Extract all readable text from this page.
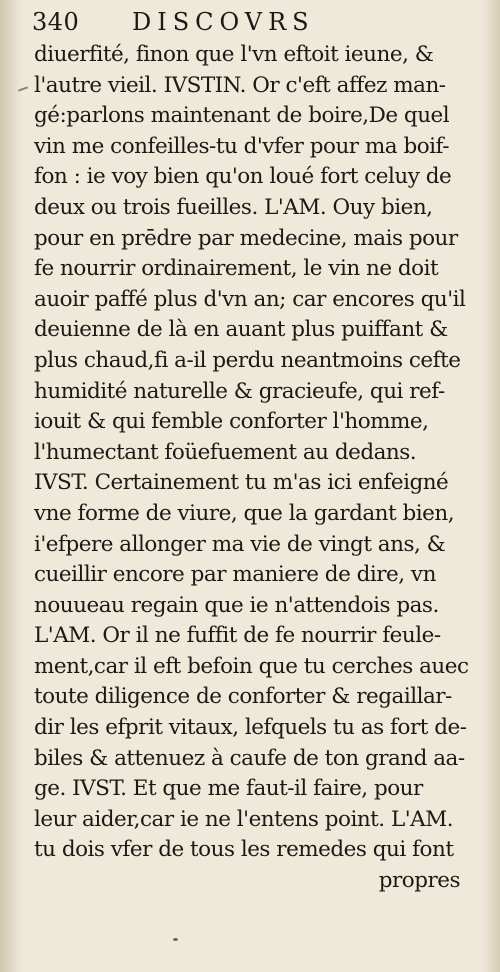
340 DISCOVRS
diuerfité, finon que l'vn eftoit ieune, &
l'autre vieil. IVSTIN. Or c'eft affez man-
gé:parlons maintenant de boire,De quel
vin me confeilles-tu d'vfer pour ma boif-
fon : ie voy bien qu'on loué fort celuy de
deux ou trois fueilles. L'AM. Ouy bien,
pour en prēdre par medecine, mais pour
fe nourrir ordinairement, le vin ne doit
auoir paffé plus d'vn an; car encores qu'il
deuienne de là en auant plus puiffant &
plus chaud,fi a-il perdu neantmoins cefte
humidité naturelle & gracieufe, qui ref-
iouit & qui femble conforter l'homme,
l'humectant foüefuement au dedans.
IVST. Certainement tu m'as ici enfeigné
vne forme de viure, que la gardant bien,
i'efpere allonger ma vie de vingt ans, &
cueillir encore par maniere de dire, vn
nouueau regain que ie n'attendois pas.
L'AM. Or il ne fuffit de fe nourrir feule-
ment,car il eft befoin que tu cerches auec
toute diligence de conforter & regaillar-
dir les efprit vitaux, lefquels tu as fort de-
biles & attenuez à caufe de ton grand aa-
ge. IVST. Et que me faut-il faire, pour
leur aider,car ie ne l'entens point. L'AM.
tu dois vfer de tous les remedes qui font
propres
